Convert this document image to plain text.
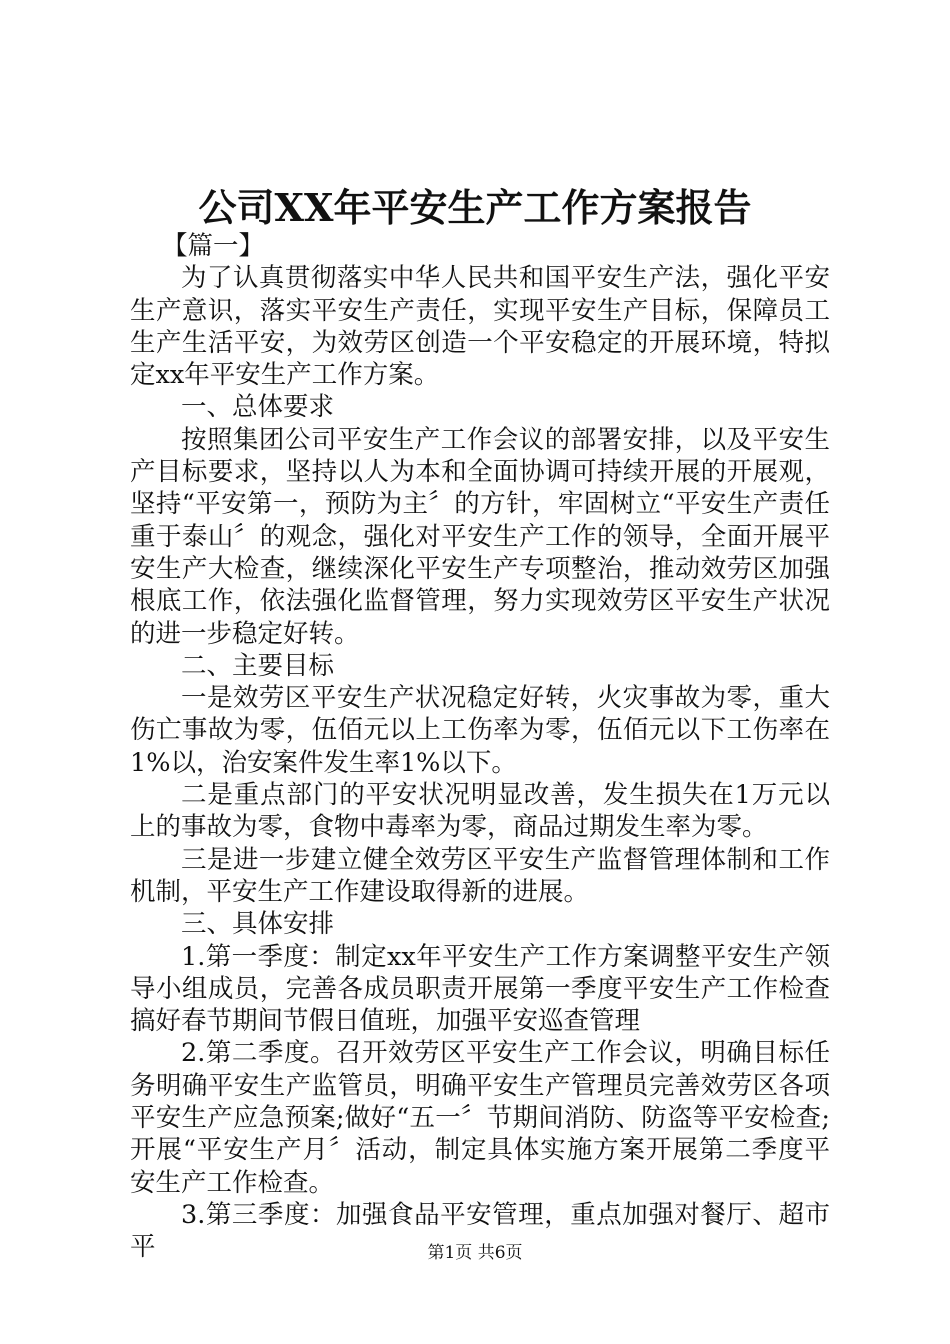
公司XX年平安生产工作方案报告

【篇一】

为了认真贯彻落实中华人民共和国平安生产法，强化平安生产意识，落实平安生产责任，实现平安生产目标，保障员工生产生活平安，为效劳区创造一个平安稳定的开展环境，特拟定xx年平安生产工作方案。

一、总体要求

按照集团公司平安生产工作会议的部署安排，以及平安生产目标要求，坚持以人为本和全面协调可持续开展的开展观，坚持“平安第一，预防为主〞的方针，牢固树立“平安生产责任重于泰山〞的观念，强化对平安生产工作的领导，全面开展平安生产大检查，继续深化平安生产专项整治，推动效劳区加强根底工作，依法强化监督管理，努力实现效劳区平安生产状况的进一步稳定好转。

二、主要目标

一是效劳区平安生产状况稳定好转，火灾事故为零，重大伤亡事故为零，伍佰元以上工伤率为零，伍佰元以下工伤率在1%以，治安案件发生率1%以下。

二是重点部门的平安状况明显改善，发生损失在1万元以上的事故为零，食物中毒率为零，商品过期发生率为零。

三是进一步建立健全效劳区平安生产监督管理体制和工作机制，平安生产工作建设取得新的进展。

三、具体安排

1.第一季度：制定xx年平安生产工作方案调整平安生产领导小组成员，完善各成员职责开展第一季度平安生产工作检查搞好春节期间节假日值班，加强平安巡查管理

2.第二季度。召开效劳区平安生产工作会议，明确目标任务明确平安生产监管员，明确平安生产管理员完善效劳区各项平安生产应急预案;做好“五一〞节期间消防、防盗等平安检查;开展“平安生产月〞活动，制定具体实施方案开展第二季度平安生产工作检查。

3.第三季度：加强食品平安管理，重点加强对餐厅、超市平	第1页 共6页
